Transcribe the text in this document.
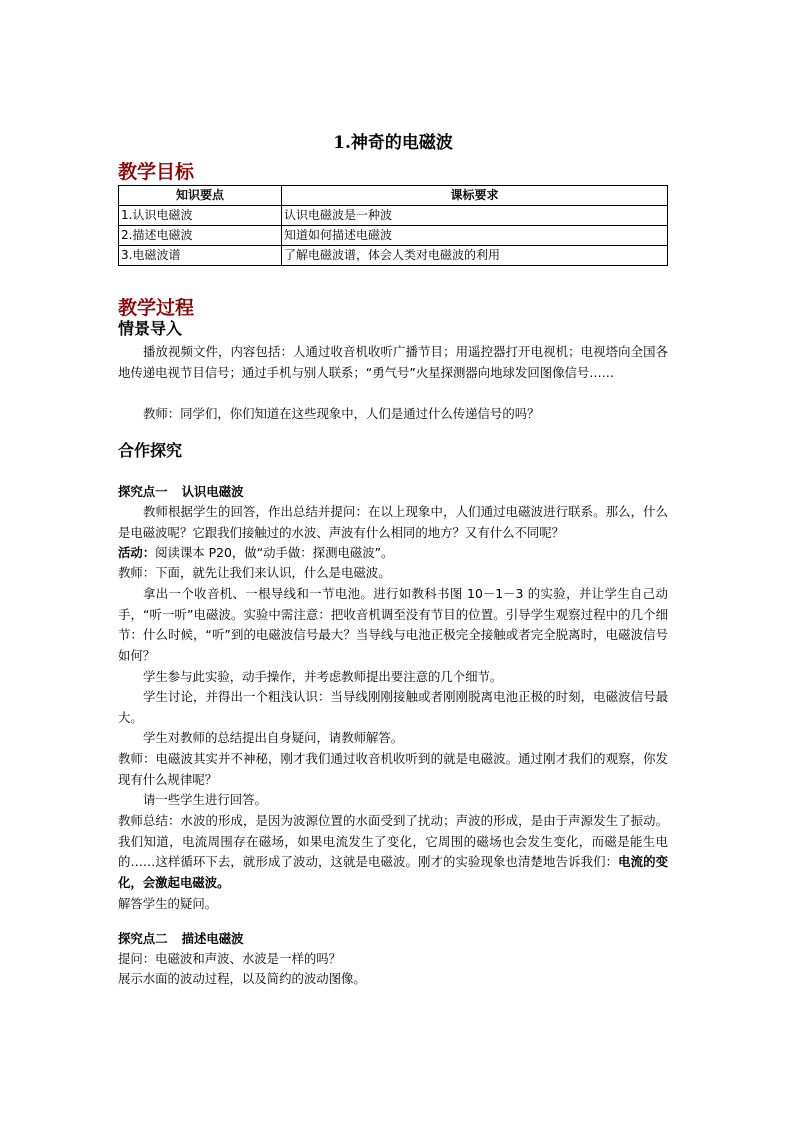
1.神奇的电磁波
教学目标
知识要点	课标要求
1.认识电磁波	认识电磁波是一种波
2.描述电磁波	知道如何描述电磁波
3.电磁波谱	了解电磁波谱，体会人类对电磁波的利用
教学过程
情景导入
播放视频文件，内容包括：人通过收音机收听广播节目；用遥控器打开电视机；电视塔向全国各地传递电视节目信号；通过手机与别人联系；“勇气号”火星探测器向地球发回图像信号……
教师：同学们，你们知道在这些现象中，人们是通过什么传递信号的吗？
合作探究
探究点一 认识电磁波
教师根据学生的回答，作出总结并提问：在以上现象中，人们通过电磁波进行联系。那么，什么是电磁波呢？它跟我们接触过的水波、声波有什么相同的地方？又有什么不同呢？
活动：阅读课本 P20，做“动手做：探测电磁波”。
教师：下面，就先让我们来认识，什么是电磁波。
拿出一个收音机、一根导线和一节电池。进行如教科书图 10－1－3 的实验，并让学生自己动手，“听一听”电磁波。实验中需注意：把收音机调至没有节目的位置。引导学生观察过程中的几个细节：什么时候，“听”到的电磁波信号最大？当导线与电池正极完全接触或者完全脱离时，电磁波信号如何？
学生参与此实验，动手操作，并考虑教师提出要注意的几个细节。
学生讨论，并得出一个粗浅认识：当导线刚刚接触或者刚刚脱离电池正极的时刻，电磁波信号最大。
学生对教师的总结提出自身疑问，请教师解答。
教师：电磁波其实并不神秘，刚才我们通过收音机收听到的就是电磁波。通过刚才我们的观察，你发现有什么规律呢？
请一些学生进行回答。
教师总结：水波的形成，是因为波源位置的水面受到了扰动；声波的形成，是由于声源发生了振动。我们知道，电流周围存在磁场，如果电流发生了变化，它周围的磁场也会发生变化，而磁是能生电的……这样循环下去，就形成了波动，这就是电磁波。刚才的实验现象也清楚地告诉我们：电流的变化，会激起电磁波。
解答学生的疑问。
探究点二 描述电磁波
提问：电磁波和声波、水波是一样的吗？
展示水面的波动过程，以及简约的波动图像。
